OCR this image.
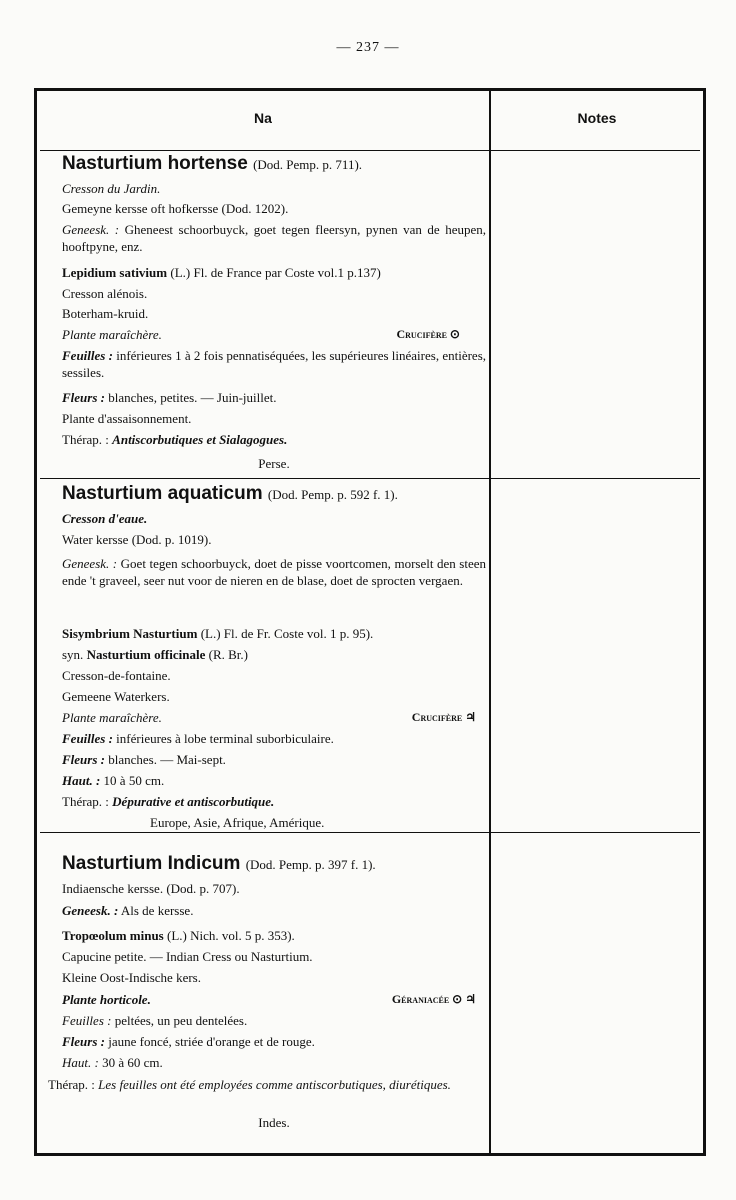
— 237 —
Na	Notes
Nasturtium hortense (Dod. Pemp. p. 711).
Cresson du Jardin.
Gemeyne kersse oft hofkersse (Dod. 1202).
Geneesk. : Gheneest schoorbuyck, goet tegen fleersyn, pynen van de heupen, hooftpyne, enz.
Lepidium sativium (L.) Fl. de France par Coste vol.1 p.137)
Cresson alénois.
Boterham-kruid.
Plante maraîchère.	Crucifère ⊙
Feuilles : inférieures 1 à 2 fois pennatiséquées, les supérieures linéaires, entières, sessiles.
Fleurs : blanches, petites. — Juin-juillet.
Plante d'assaisonnement.
Thérap. : Antiscorbutiques et Sialagogues.
Perse.
Nasturtium aquaticum (Dod. Pemp. p. 592 f. 1).
Cresson d'eaue.
Water kersse (Dod. p. 1019).
Geneesk. : Goet tegen schoorbuyck, doet de pisse voortcomen, morselt den steen ende 't graveel, seer nut voor de nieren en de blase, doet de sprocten vergaen.
Sisymbrium Nasturtium (L.) Fl. de Fr. Coste vol. 1 p. 95).
syn. Nasturtium officinale (R. Br.)
Cresson-de-fontaine.
Gemeene Waterkers.
Plante maraîchère.	Crucifère ♃
Feuilles : inférieures à lobe terminal suborbiculaire.
Fleurs : blanches. — Mai-sept.
Haut. : 10 à 50 cm.
Thérap. : Dépurative et antiscorbutique.
Europe, Asie, Afrique, Amérique.
Nasturtium Indicum (Dod. Pemp. p. 397 f. 1).
Indiaensche kersse. (Dod. p. 707).
Geneesk. : Als de kersse.
Tropœolum minus (L.) Nich. vol. 5 p. 353).
Capucine petite. — Indian Cress ou Nasturtium.
Kleine Oost-Indische kers.
Plante horticole.	Géraniacée ⊙ ♃
Feuilles : peltées, un peu dentelées.
Fleurs : jaune foncé, striée d'orange et de rouge.
Haut. : 30 à 60 cm.
Thérap. : Les feuilles ont été employées comme antiscorbutiques, diurétiques.
Indes.
